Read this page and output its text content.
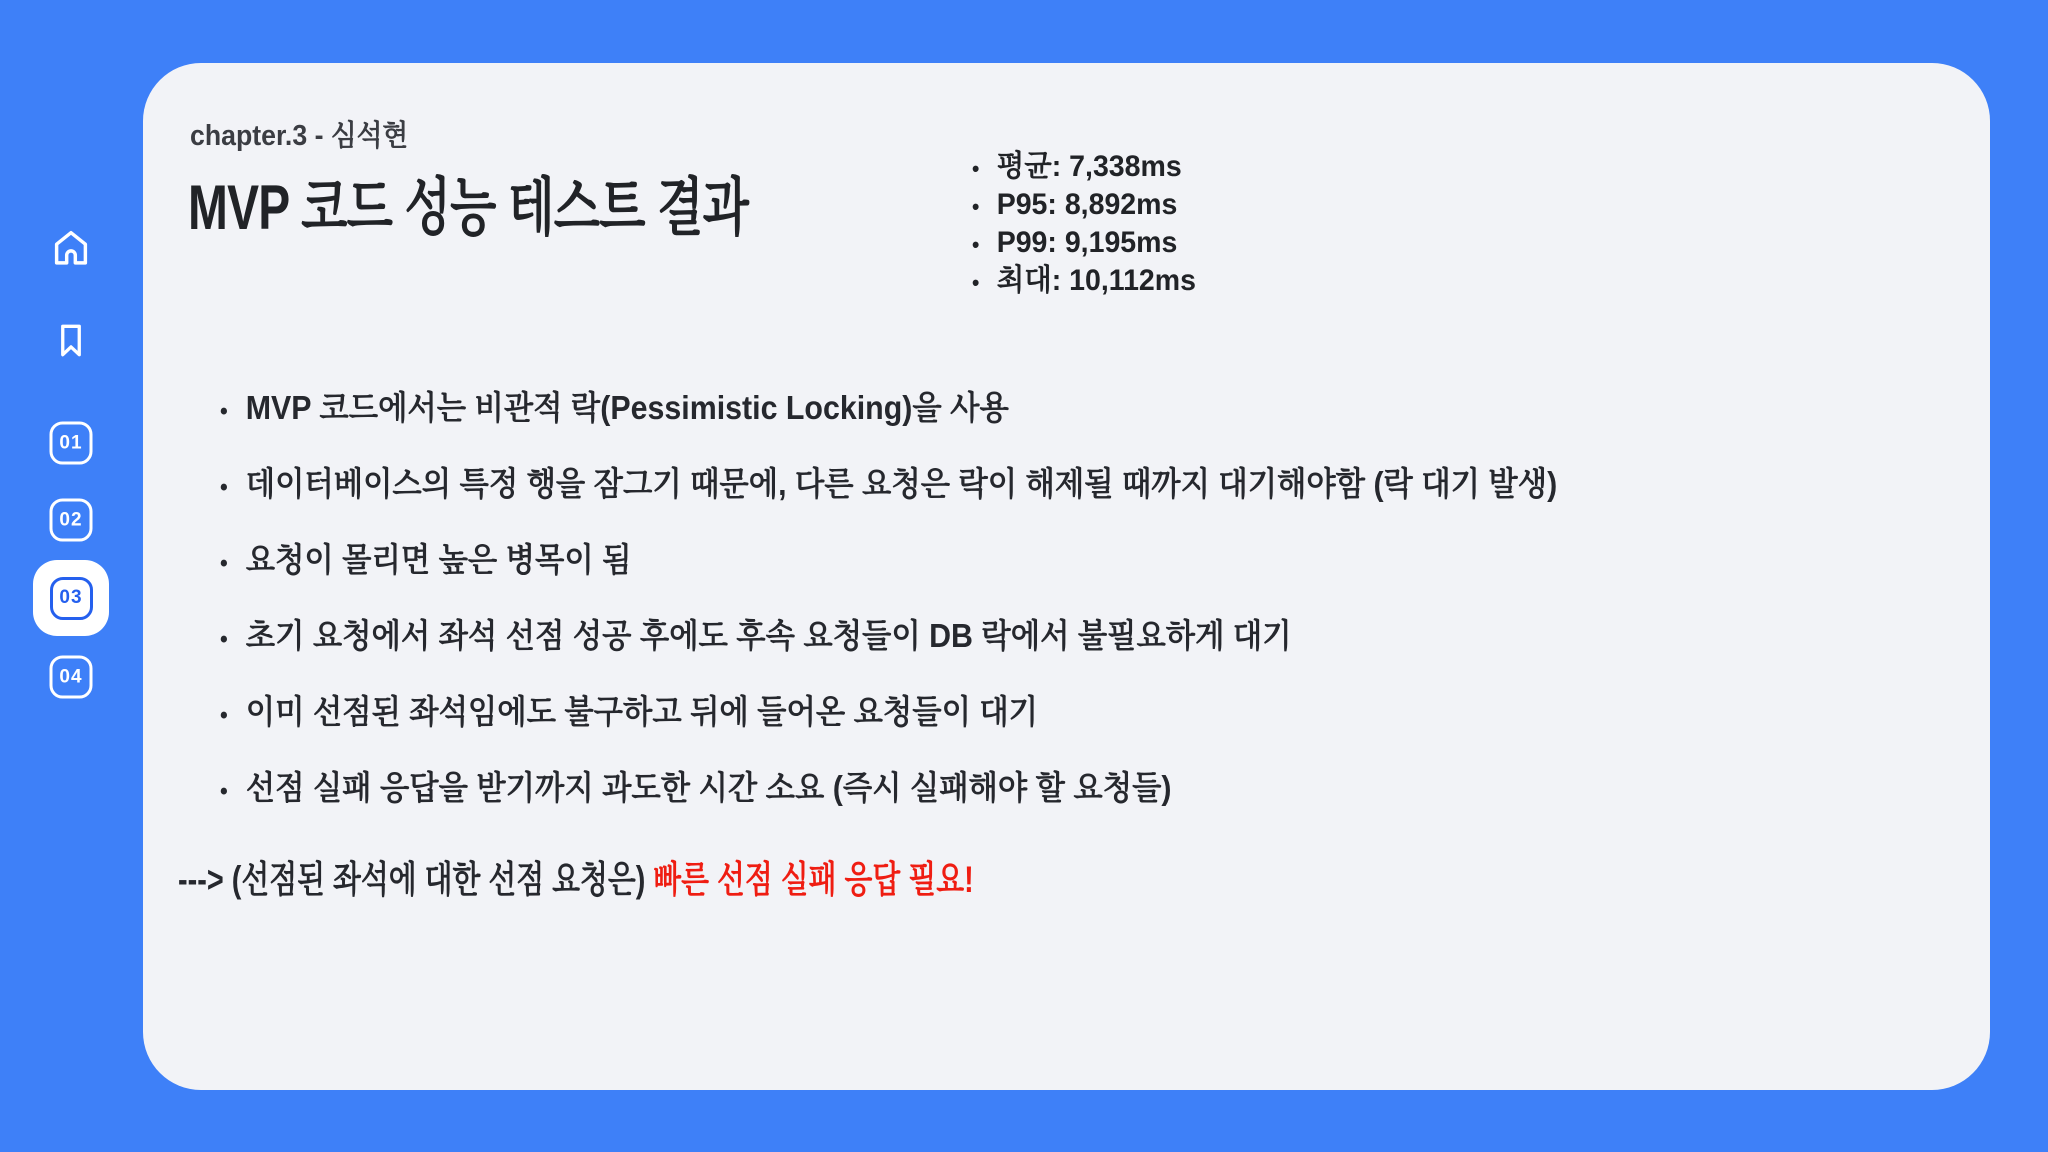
01
02
03
04
chapter.3 - 심석현
MVP 코드 성능 테스트 결과
• 평균: 7,338ms
• P95: 8,892ms
• P99: 9,195ms
• 최대: 10,112ms
• MVP 코드에서는 비관적 락(Pessimistic Locking)을 사용
• 데이터베이스의 특정 행을 잠그기 때문에, 다른 요청은 락이 해제될 때까지 대기해야함 (락 대기 발생)
• 요청이 몰리면 높은 병목이 됨
• 초기 요청에서 좌석 선점 성공 후에도 후속 요청들이 DB 락에서 불필요하게 대기
• 이미 선점된 좌석임에도 불구하고 뒤에 들어온 요청들이 대기
• 선점 실패 응답을 받기까지 과도한 시간 소요 (즉시 실패해야 할 요청들)
---> (선점된 좌석에 대한 선점 요청은) 빠른 선점 실패 응답 필요!
